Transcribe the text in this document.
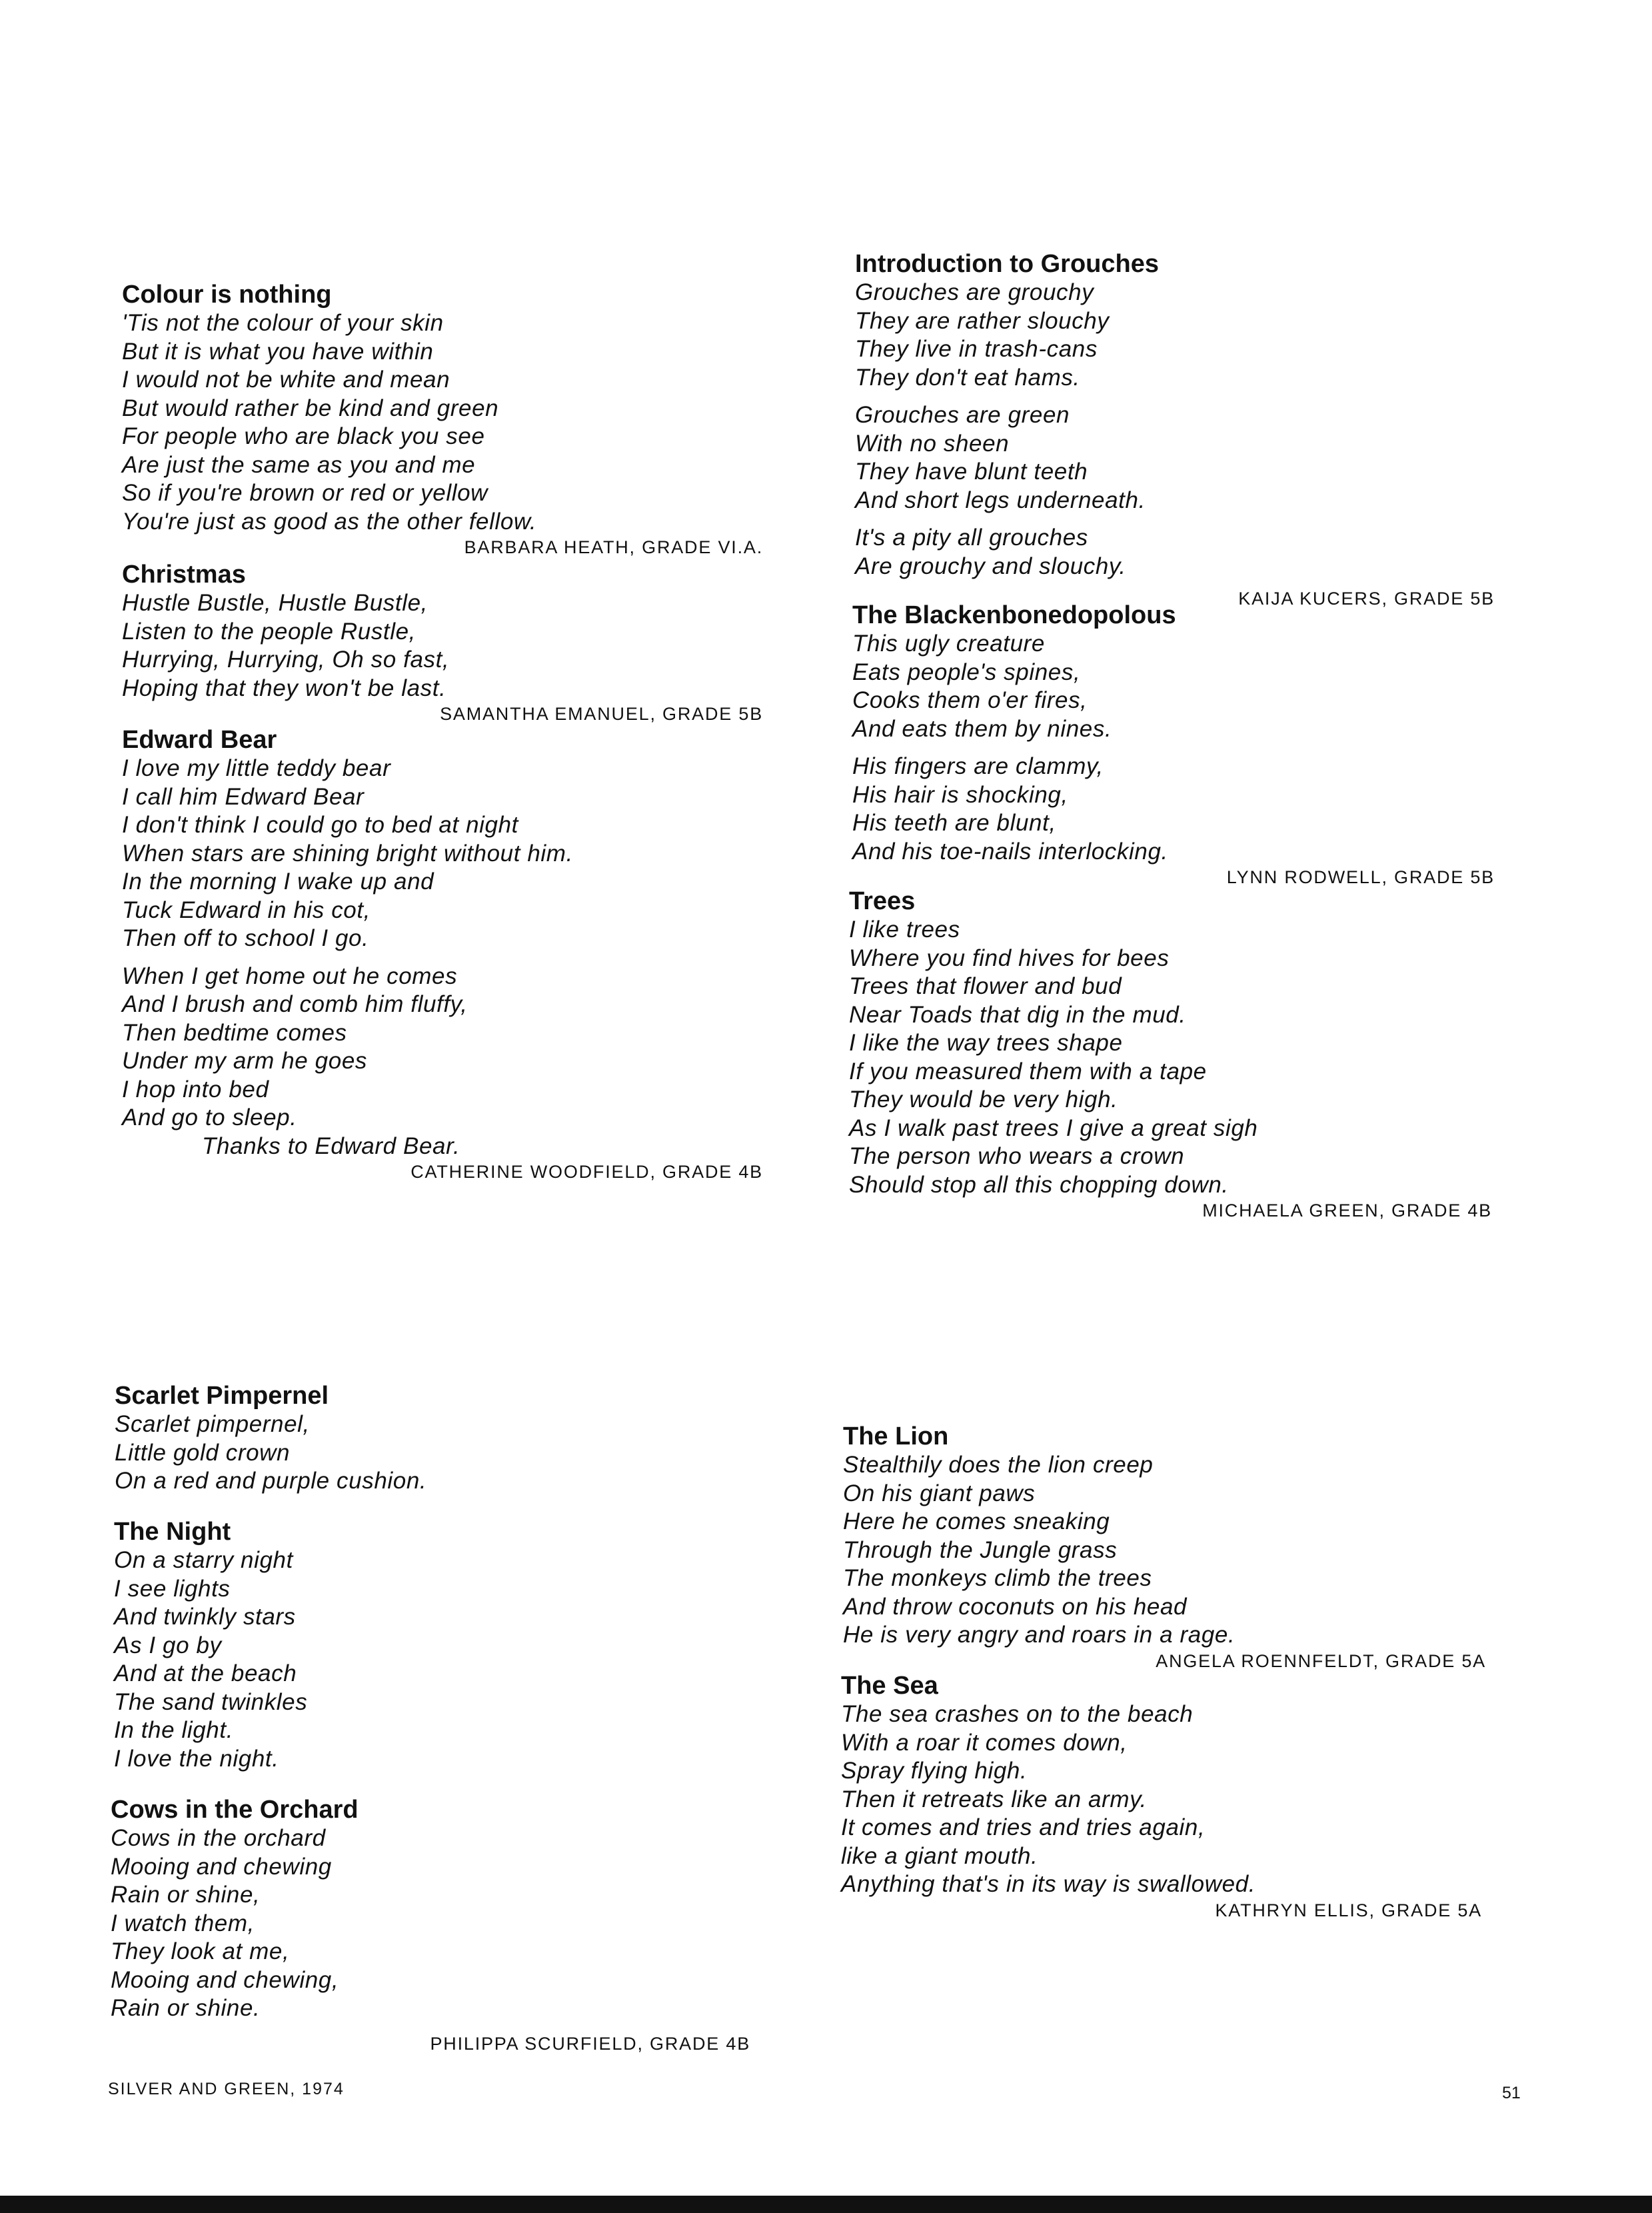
Colour is nothing
'Tis not the colour of your skin
But it is what you have within
I would not be white and mean
But would rather be kind and green
For people who are black you see
Are just the same as you and me
So if you're brown or red or yellow
You're just as good as the other fellow.
BARBARA HEATH, GRADE VI.A.
Christmas
Hustle Bustle, Hustle Bustle,
Listen to the people Rustle,
Hurrying, Hurrying, Oh so fast,
Hoping that they won't be last.
SAMANTHA EMANUEL, GRADE 5B
Edward Bear
I love my little teddy bear
I call him Edward Bear
I don't think I could go to bed at night
When stars are shining bright without him.
In the morning I wake up and
Tuck Edward in his cot,
Then off to school I go.
When I get home out he comes
And I brush and comb him fluffy,
Then bedtime comes
Under my arm he goes
I hop into bed
And go to sleep.
Thanks to Edward Bear.
CATHERINE WOODFIELD, GRADE 4B
Introduction to Grouches
Grouches are grouchy
They are rather slouchy
They live in trash-cans
They don't eat hams.
Grouches are green
With no sheen
They have blunt teeth
And short legs underneath.
It's a pity all grouches
Are grouchy and slouchy.
KAIJA KUCERS, GRADE 5B
The Blackenbonedopolous
This ugly creature
Eats people's spines,
Cooks them o'er fires,
And eats them by nines.
His fingers are clammy,
His hair is shocking,
His teeth are blunt,
And his toe-nails interlocking.
LYNN RODWELL, GRADE 5B
Trees
I like trees
Where you find hives for bees
Trees that flower and bud
Near Toads that dig in the mud.
I like the way trees shape
If you measured them with a tape
They would be very high.
As I walk past trees I give a great sigh
The person who wears a crown
Should stop all this chopping down.
MICHAELA GREEN, GRADE 4B
Scarlet Pimpernel
Scarlet pimpernel,
Little gold crown
On a red and purple cushion.
The Night
On a starry night
I see lights
And twinkly stars
As I go by
And at the beach
The sand twinkles
In the light.
I love the night.
Cows in the Orchard
Cows in the orchard
Mooing and chewing
Rain or shine,
I watch them,
They look at me,
Mooing and chewing,
Rain or shine.
PHILIPPA SCURFIELD, GRADE 4B
The Lion
Stealthily does the lion creep
On his giant paws
Here he comes sneaking
Through the Jungle grass
The monkeys climb the trees
And throw coconuts on his head
He is very angry and roars in a rage.
ANGELA ROENNFELDT, GRADE 5A
The Sea
The sea crashes on to the beach
With a roar it comes down,
Spray flying high.
Then it retreats like an army.
It comes and tries and tries again,
like a giant mouth.
Anything that's in its way is swallowed.
KATHRYN ELLIS, GRADE 5A
SILVER AND GREEN, 1974	51
